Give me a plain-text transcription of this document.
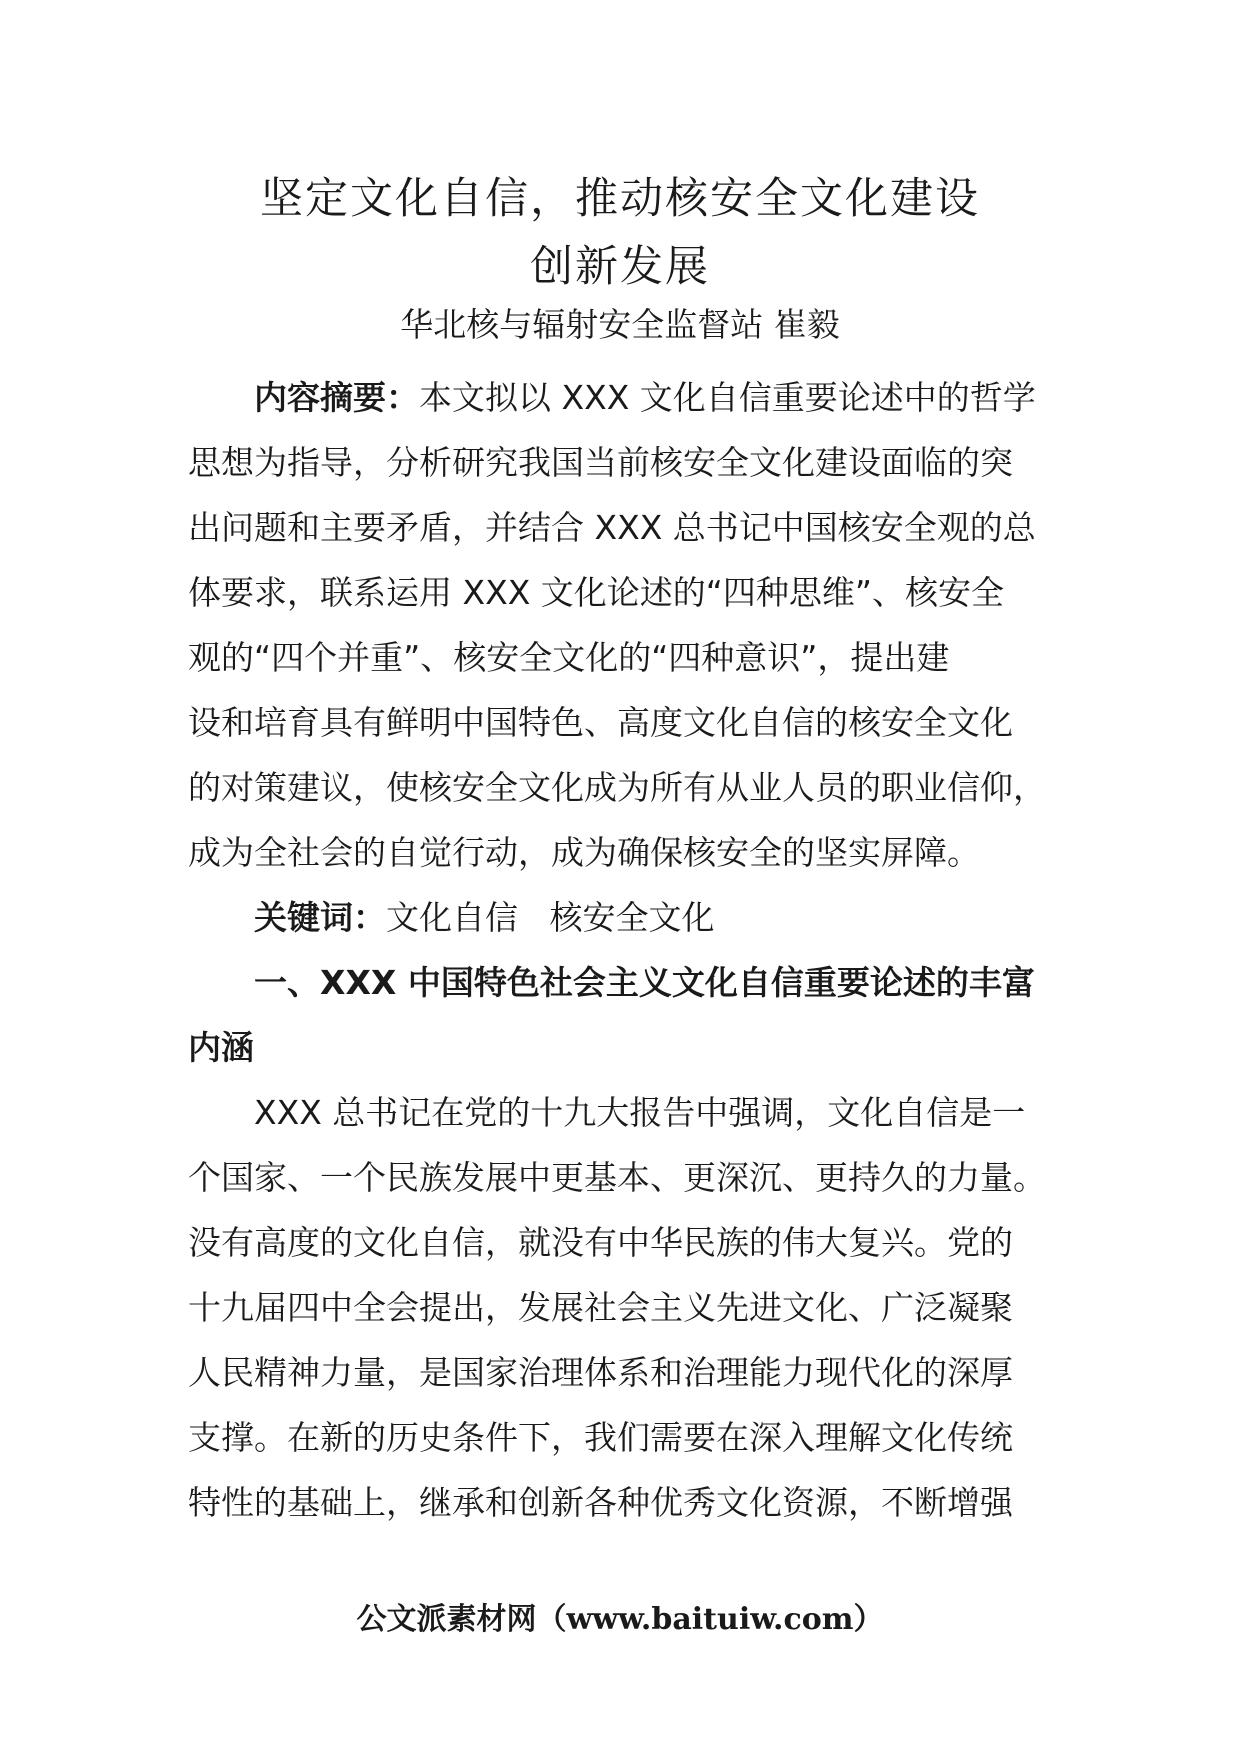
坚定文化自信，推动核安全文化建设
创新发展
华北核与辐射安全监督站 崔毅
内容摘要：本文拟以 XXX 文化自信重要论述中的哲学
思想为指导，分析研究我国当前核安全文化建设面临的突
出问题和主要矛盾，并结合 XXX 总书记中国核安全观的总
体要求，联系运用 XXX 文化论述的“四种思维”、核安全
观的“四个并重”、核安全文化的“四种意识”，提出建
设和培育具有鲜明中国特色、高度文化自信的核安全文化
的对策建议，使核安全文化成为所有从业人员的职业信仰，
成为全社会的自觉行动，成为确保核安全的坚实屏障。
关键词：文化自信   核安全文化
一、XXX 中国特色社会主义文化自信重要论述的丰富
内涵
XXX 总书记在党的十九大报告中强调，文化自信是一
个国家、一个民族发展中更基本、更深沉、更持久的力量。
没有高度的文化自信，就没有中华民族的伟大复兴。党的
十九届四中全会提出，发展社会主义先进文化、广泛凝聚
人民精神力量，是国家治理体系和治理能力现代化的深厚
支撑。在新的历史条件下，我们需要在深入理解文化传统
特性的基础上，继承和创新各种优秀文化资源，不断增强
公文派素材网（www.baituiw.com）
